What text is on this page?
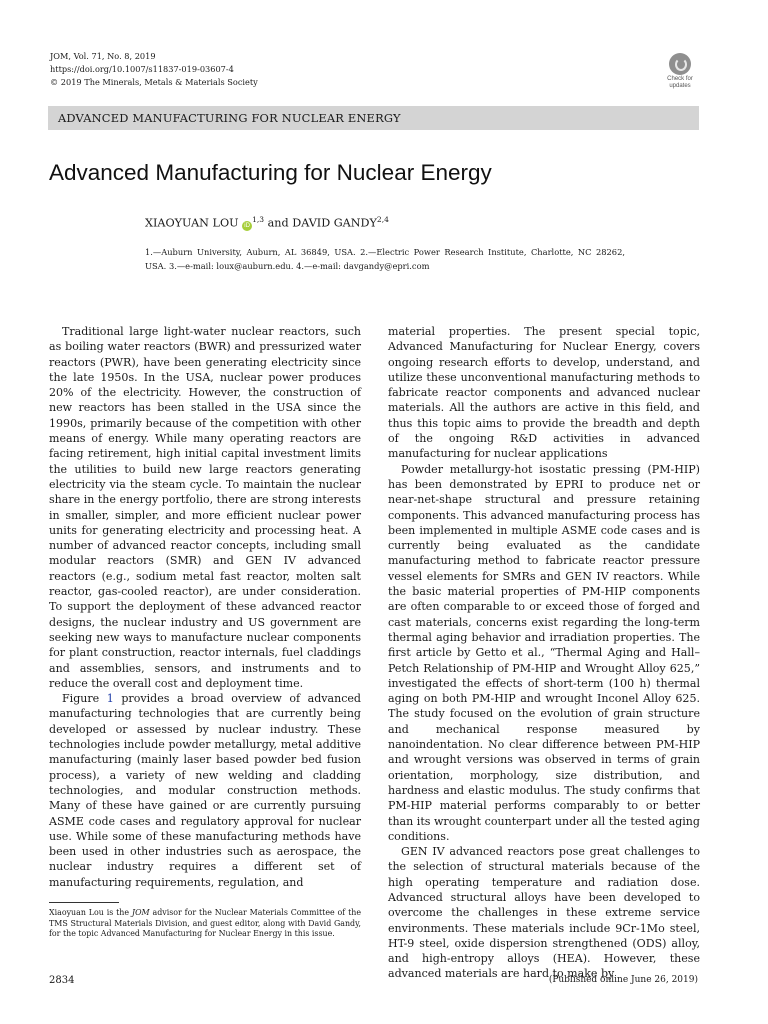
JOM, Vol. 71, No. 8, 2019
https://doi.org/10.1007/s11837-019-03607-4
© 2019 The Minerals, Metals & Materials Society	Check for
updates
ADVANCED MANUFACTURING FOR NUCLEAR ENERGY
Advanced Manufacturing for Nuclear Energy
XIAOYUAN LOU iD$^{1,3}$ and DAVID GANDY$^{2,4}$
1.—Auburn University, Auburn, AL 36849, USA. 2.—Electric Power Research Institute, Charlotte, NC 28262, USA. 3.—e-mail: loux@auburn.edu. 4.—e-mail: davgandy@epri.com

Traditional large light-water nuclear reactors, such as boiling water reactors (BWR) and pressurized water reactors (PWR), have been generating electricity since the late 1950s. In the USA, nuclear power produces 20% of the electricity. However, the construction of new reactors has been stalled in the USA since the 1990s, primarily because of the competition with other means of energy. While many operating reactors are facing retirement, high initial capital investment limits the utilities to build new large reactors generating electricity via the steam cycle. To maintain the nuclear share in the energy portfolio, there are strong interests in smaller, simpler, and more efficient nuclear power units for generating electricity and processing heat. A number of advanced reactor concepts, including small modular reactors (SMR) and GEN IV advanced reactors (e.g., sodium metal fast reactor, molten salt reactor, gas-cooled reactor), are under consideration. To support the deployment of these advanced reactor designs, the nuclear industry and US government are seeking new ways to manufacture nuclear components for plant construction, reactor internals, fuel claddings and assemblies, sensors, and instruments and to reduce the overall cost and deployment time.

Figure 1 provides a broad overview of advanced manufacturing technologies that are currently being developed or assessed by nuclear industry. These technologies include powder metallurgy, metal additive manufacturing (mainly laser based powder bed fusion process), a variety of new welding and cladding technologies, and modular construction methods. Many of these have gained or are currently pursuing ASME code cases and regulatory approval for nuclear use. While some of these manufacturing methods have been used in other industries such as aerospace, the nuclear industry requires a different set of manufacturing requirements, regulation, and

material properties. The present special topic, Advanced Manufacturing for Nuclear Energy, covers ongoing research efforts to develop, understand, and utilize these unconventional manufacturing methods to fabricate reactor components and advanced nuclear materials. All the authors are active in this field, and thus this topic aims to provide the breadth and depth of the ongoing R&D activities in advanced manufacturing for nuclear applications

Powder metallurgy-hot isostatic pressing (PM-HIP) has been demonstrated by EPRI to produce net or near-net-shape structural and pressure retaining components. This advanced manufacturing process has been implemented in multiple ASME code cases and is currently being evaluated as the candidate manufacturing method to fabricate reactor pressure vessel elements for SMRs and GEN IV reactors. While the basic material properties of PM-HIP components are often comparable to or exceed those of forged and cast materials, concerns exist regarding the long-term thermal aging behavior and irradiation properties. The first article by Getto et al., “Thermal Aging and Hall–Petch Relationship of PM-HIP and Wrought Alloy 625,” investigated the effects of short-term (100 h) thermal aging on both PM-HIP and wrought Inconel Alloy 625. The study focused on the evolution of grain structure and mechanical response measured by nanoindentation. No clear difference between PM-HIP and wrought versions was observed in terms of grain orientation, morphology, size distribution, and hardness and elastic modulus. The study confirms that PM-HIP material performs comparably to or better than its wrought counterpart under all the tested aging conditions.

GEN IV advanced reactors pose great challenges to the selection of structural materials because of the high operating temperature and radiation dose. Advanced structural alloys have been developed to overcome the challenges in these extreme service environments. These materials include 9Cr-1Mo steel, HT-9 steel, oxide dispersion strengthened (ODS) alloy, and high-entropy alloys (HEA). However, these advanced materials are hard to make by

Xiaoyuan Lou is the JOM advisor for the Nuclear Materials Committee of the TMS Structural Materials Division, and guest editor, along with David Gandy, for the topic Advanced Manufacturing for Nuclear Energy in this issue.
2834	(Published online June 26, 2019)
